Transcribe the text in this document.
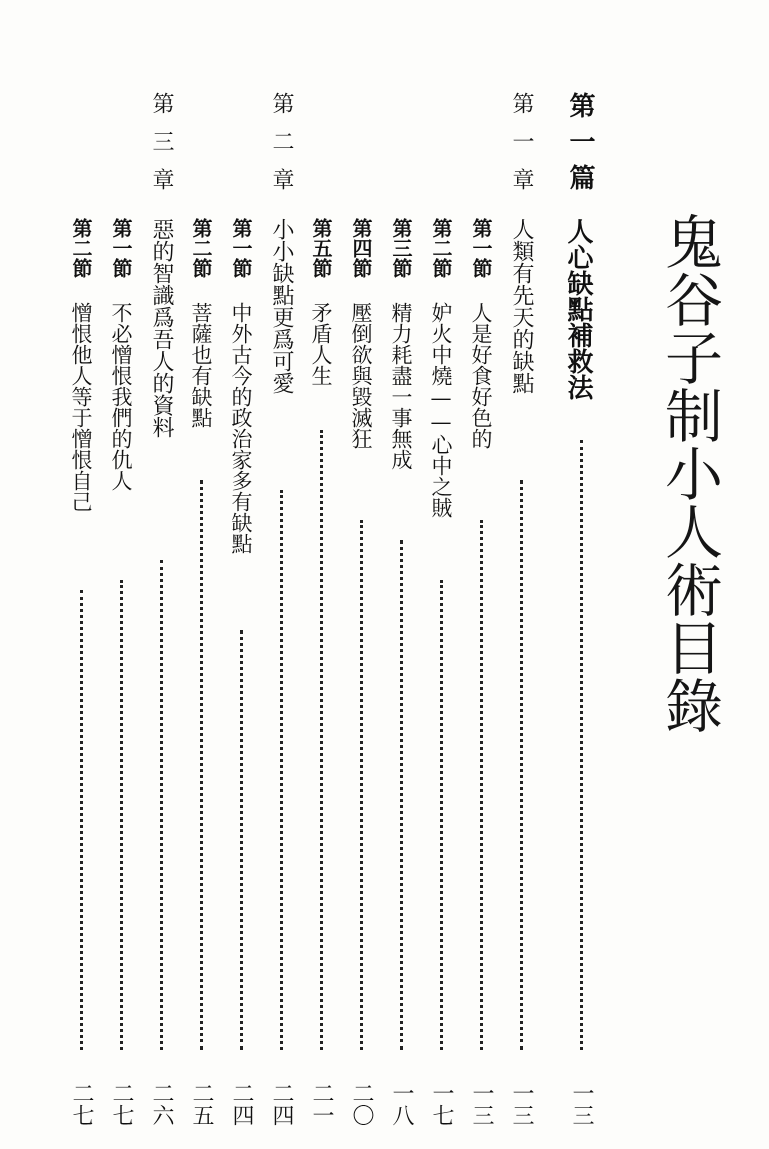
鬼谷子制小人術目錄
第一篇
人心缺點補救法
一三
第一章
人類有先天的缺點
一三
第一節
人是好食好色的
一三
第二節
妒火中燒——心中之賊
一七
第三節
精力耗盡一事無成
一八
第四節
壓倒欲與毀滅狂
二〇
第五節
矛盾人生
二一
第二章
小小缺點更爲可愛
二四
第一節
中外古今的政治家多有缺點
二四
第二節
菩薩也有缺點
二五
第三章
惡的智識爲吾人的資料
二六
第一節
不必憎恨我們的仇人
二七
第二節
憎恨他人等于憎恨自己
二七
